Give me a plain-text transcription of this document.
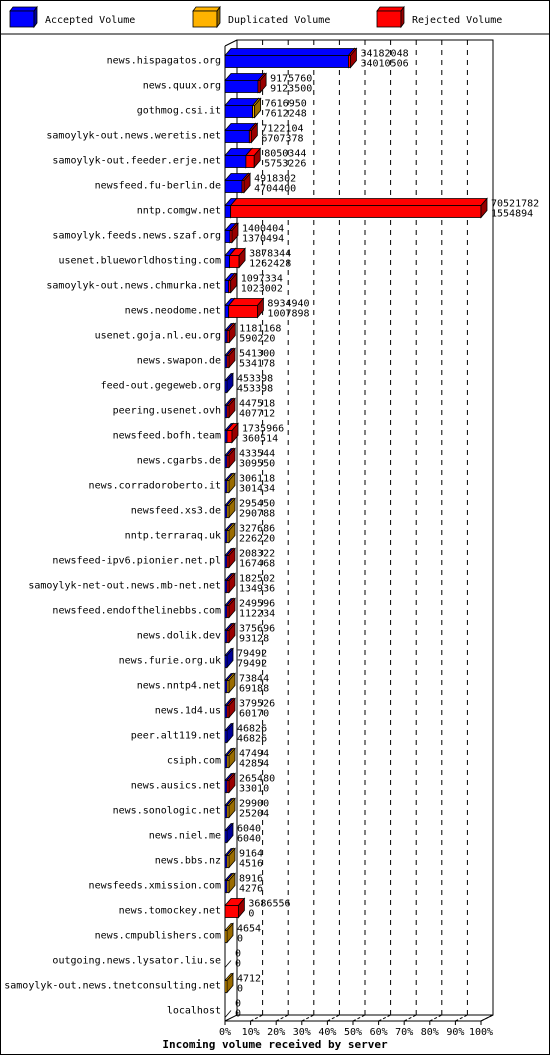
Accepted Volume	Duplicated Volume	Rejected Volume
news.hispagatos.org
34182048
34010506
news.quux.org
9175760
9123500
gothmog.csi.it
7616950
7612248
samoylyk-out.news.weretis.net
7122104
6707378
samoylyk-out.feeder.erje.net
8050344
5753226
newsfeed.fu-berlin.de
4918302
4704400
nntp.comgw.net
70521782
1554894
samoylyk.feeds.news.szaf.org
1400404
1370494
usenet.blueworldhosting.com
3878344
1262428
samoylyk-out.news.chmurka.net
1097334
1023002
news.neodome.net
8934940
1007898
usenet.goja.nl.eu.org
1181168
590220
news.swapon.de
541300
534178
feed-out.gegeweb.org
453398
453398
peering.usenet.ovh
447518
407712
newsfeed.bofh.team
1735966
360514
news.cgarbs.de
433544
309550
news.corradoroberto.it
306118
301434
newsfeed.xs3.de
295450
290788
nntp.terraraq.uk
327686
226220
newsfeed-ipv6.pionier.net.pl
208322
167468
samoylyk-net-out.news.mb-net.net
182502
134936
newsfeed.endofthelinebbs.com
249596
112234
news.dolik.dev
375696
93128
news.furie.org.uk
79492
79492
news.nntp4.net
73844
69188
news.1d4.us
379526
60170
peer.alt119.net
46826
46826
csiph.com
47494
42854
news.ausics.net
265480
33010
news.sonologic.net
29900
25204
news.niel.me
6040
6040
news.bbs.nz
9164
4516
newsfeeds.xmission.com
8916
4276
news.tomockey.net
3686556
0
news.cmpublishers.com
4654
0
outgoing.news.lysator.liu.se
0
0
samoylyk-out.news.tnetconsulting.net
4712
0
localhost
0
0
0% 10% 20% 30% 40% 50% 60% 70% 80% 90% 100%
Incoming volume received by server
